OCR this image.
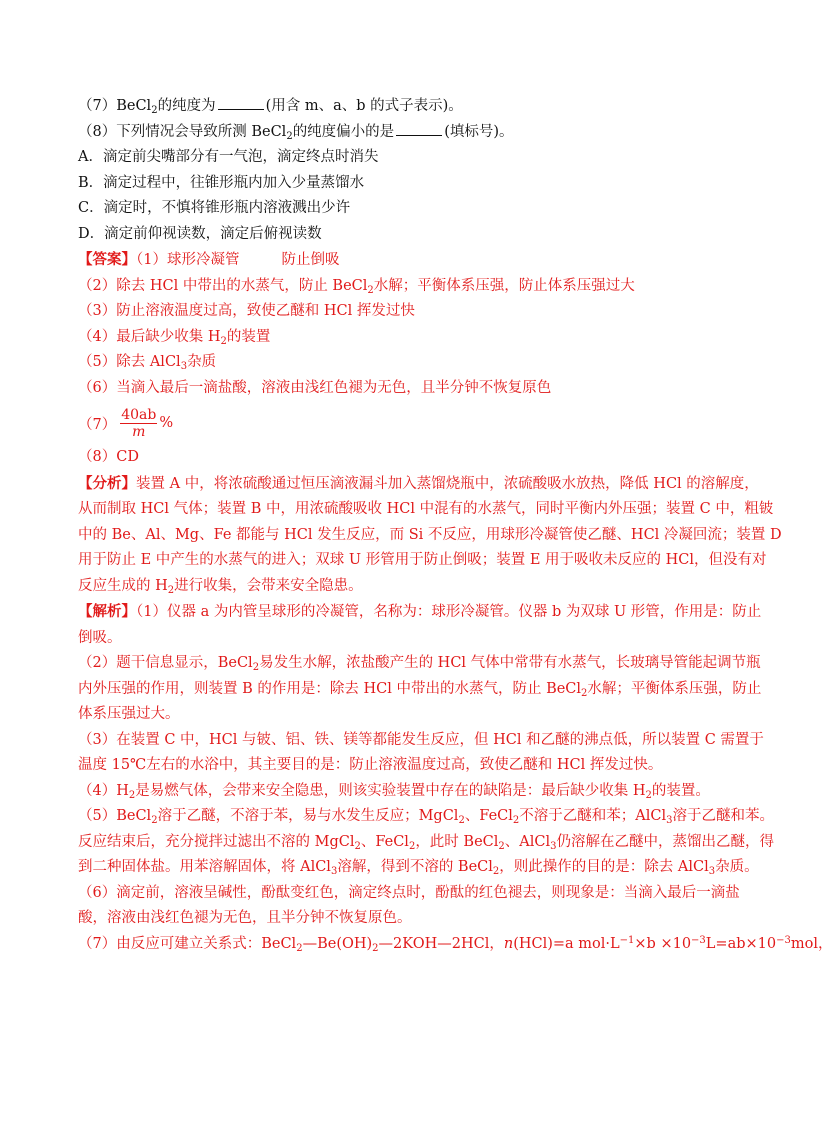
（7）BeCl$_2$的纯度为	(用含 m、a、b 的式子表示)。
（8）下列情况会导致所测 BeCl$_2$的纯度偏小的是	(填标号)。
A．滴定前尖嘴部分有一气泡，滴定终点时消失
B．滴定过程中，往锥形瓶内加入少量蒸馏水
C．滴定时，不慎将锥形瓶内溶液溅出少许
D．滴定前仰视读数，滴定后俯视读数
【答案】（1）球形冷凝管	防止倒吸
（2）除去 HCl 中带出的水蒸气，防止 BeCl$_2$水解；平衡体系压强，防止体系压强过大
（3）防止溶液温度过高，致使乙醚和 HCl 挥发过快
（4）最后缺少收集 $H_2$的装置
（5）除去 AlCl$_3$杂质
（6）当滴入最后一滴盐酸，溶液由浅红色褪为无色，且半分钟不恢复原色
$(7) \frac{40ab}{m}$ %
（8）CD
【分析】装置 A 中，将浓硫酸通过恒压滴液漏斗加入蒸馏烧瓶中，浓硫酸吸水放热，降低 HCl 的溶解度，
从而制取 HCl 气体；装置 B 中，用浓硫酸吸收 HCl 中混有的水蒸气，同时平衡内外压强；装置 C 中，粗铍
中的 Be、Al、Mg、Fe 都能与 HCl 发生反应，而 Si 不反应，用球形冷凝管使乙醚、HCl 冷凝回流；装置 D
用于防止 E 中产生的水蒸气的进入；双球 U 形管用于防止倒吸；装置 E 用于吸收未反应的 HCl，但没有对
反应生成的 $H_2$进行收集，会带来安全隐患。
【解析】（1）仪器 a 为内管呈球形的冷凝管，名称为：球形冷凝管。仪器 b 为双球 U 形管，作用是：防止
倒吸。
（2）题干信息显示，BeCl$_2$易发生水解，浓盐酸产生的 HCl 气体中常带有水蒸气，长玻璃导管能起调节瓶
内外压强的作用，则装置 B 的作用是：除去 HCl 中带出的水蒸气，防止 BeCl$_2$水解；平衡体系压强，防止
体系压强过大。
（3）在装置 C 中，HCl 与铍、铝、铁、镁等都能发生反应，但 HCl 和乙醚的沸点低，所以装置 C 需置于
温度 15℃左右的水浴中，其主要目的是：防止溶液温度过高，致使乙醚和 HCl 挥发过快。
$(4)H_2$是易燃气体，会带来安全隐患，则该实验装置中存在的缺陷是：最后缺少收集 $H_2$的装置。
（5）BeCl$_2$溶于乙醚，不溶于苯，易与水发生反应；MgCl$_2$、FeCl$_2$不溶于乙醚和苯；AlCl$_3$溶于乙醚和苯。
反应结束后，充分搅拌过滤出不溶的 MgCl$_2$、FeCl$_2$，此时 BeCl$_2$、AlCl$_3$仍溶解在乙醚中，蒸馏出乙醚，得
到二种固体盐。用苯溶解固体，将 AlCl$_3$溶解，得到不溶的 BeCl$_2$，则此操作的目的是：除去 AlCl$_3$杂质。
（6）滴定前，溶液呈碱性，酚酞变红色，滴定终点时，酚酞的红色褪去，则现象是：当滴入最后一滴盐
酸，溶液由浅红色褪为无色，且半分钟不恢复原色。
（7）由反应可建立关系式：$BeCl_2—Be(OH)_2—2KOH—2HCl$，n(HCl)=a $mol\cdot L^{-1}\times b \times 10^{-3}L=ab\times 10^{-3}mol$，
